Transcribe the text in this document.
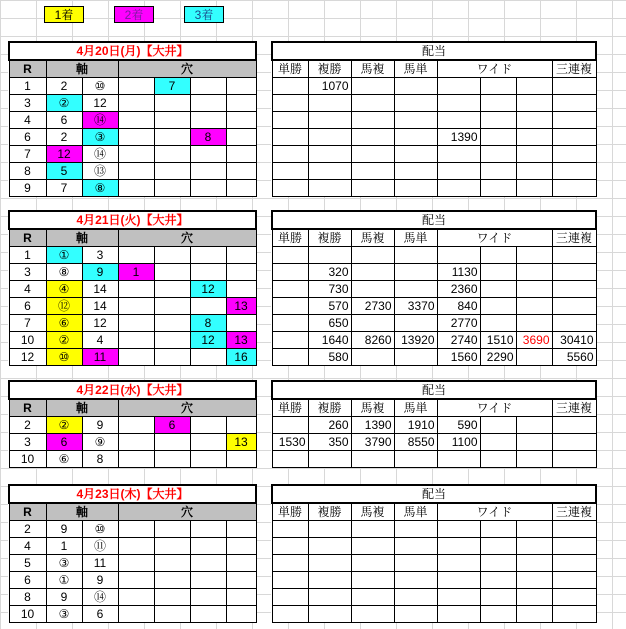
1着	2着	3着
4月20日(月)【大井】						
R	軸		穴			
1	2	⑩		7		
3	②	12				
4	6	⑭				
6	2	③			8	
7	12	⑭				
8	5	⑬				
9	7	⑧				
配当							
単勝	複勝	馬複	馬単	ワイド			三連複
	1070						

				1390			

4月21日(火)【大井】						
R	軸		穴			
1	①	3				
3	⑧	9	1			
4	④	14			12	
6	⑫	14				13
7	⑥	12			8	
10	②	4			12	13
12	⑩	11				16
配当							
単勝	複勝	馬複	馬単	ワイド			三連複

	320			1130			
	730			2360			
	570	2730	3370	840			
	650			2770			
	1640	8260	13920	2740	1510	3690	30410
	580			1560	2290		5560
4月22日(水)【大井】						
R	軸		穴			
2	②	9		6		
3	6	⑨				13
10	⑥	8				
配当							
単勝	複勝	馬複	馬単	ワイド			三連複
	260	1390	1910	590			
1530	350	3790	8550	1100			

4月23日(木)【大井】						
R	軸		穴			
2	9	⑩				
4	1	⑪				
5	③	11				
6	①	9				
8	9	⑭				
10	③	6				
配当							
単勝	複勝	馬複	馬単	ワイド			三連複
